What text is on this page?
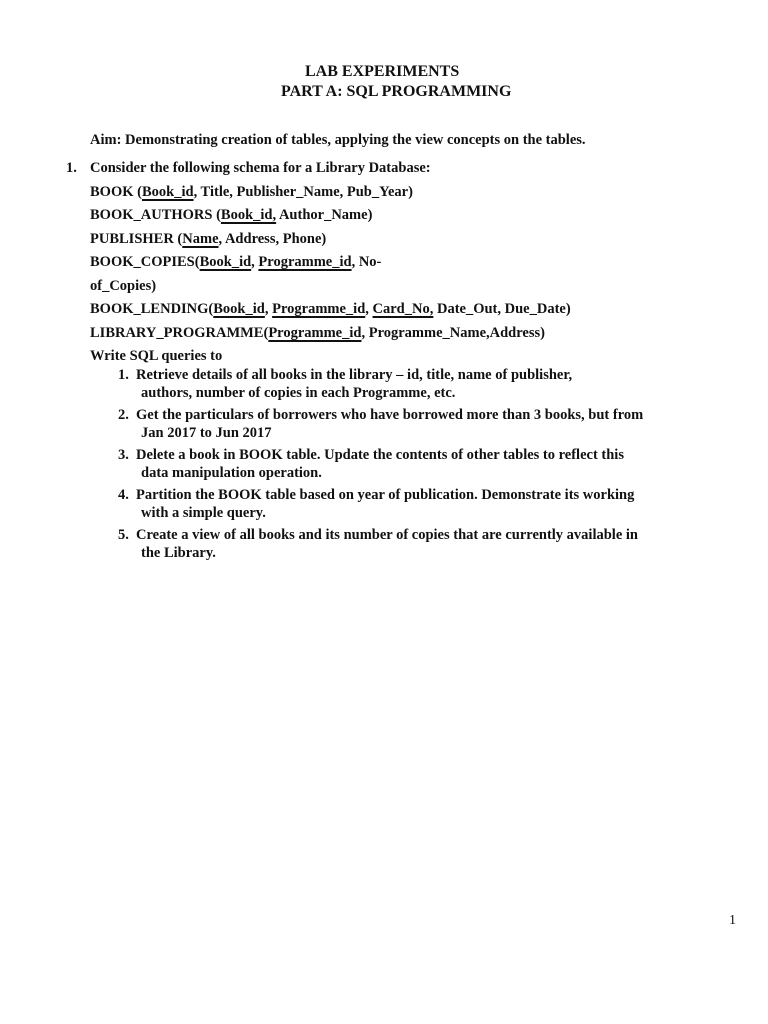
LAB EXPERIMENTS
PART A: SQL PROGRAMMING
Aim: Demonstrating creation of tables, applying the view concepts on the tables.
1. Consider the following schema for a Library Database:
BOOK (Book_id, Title, Publisher_Name, Pub_Year)
BOOK_AUTHORS (Book_id, Author_Name)
PUBLISHER (Name, Address, Phone)
BOOK_COPIES(Book_id, Programme_id, No-
of_Copies)
BOOK_LENDING(Book_id, Programme_id, Card_No, Date_Out, Due_Date)
LIBRARY_PROGRAMME(Programme_id, Programme_Name,Address)
Write SQL queries to
1. Retrieve details of all books in the library – id, title, name of publisher,
authors, number of copies in each Programme, etc.
2. Get the particulars of borrowers who have borrowed more than 3 books, but from
Jan 2017 to Jun 2017
3. Delete a book in BOOK table. Update the contents of other tables to reflect this
data manipulation operation.
4. Partition the BOOK table based on year of publication. Demonstrate its working
with a simple query.
5. Create a view of all books and its number of copies that are currently available in
the Library.
1
